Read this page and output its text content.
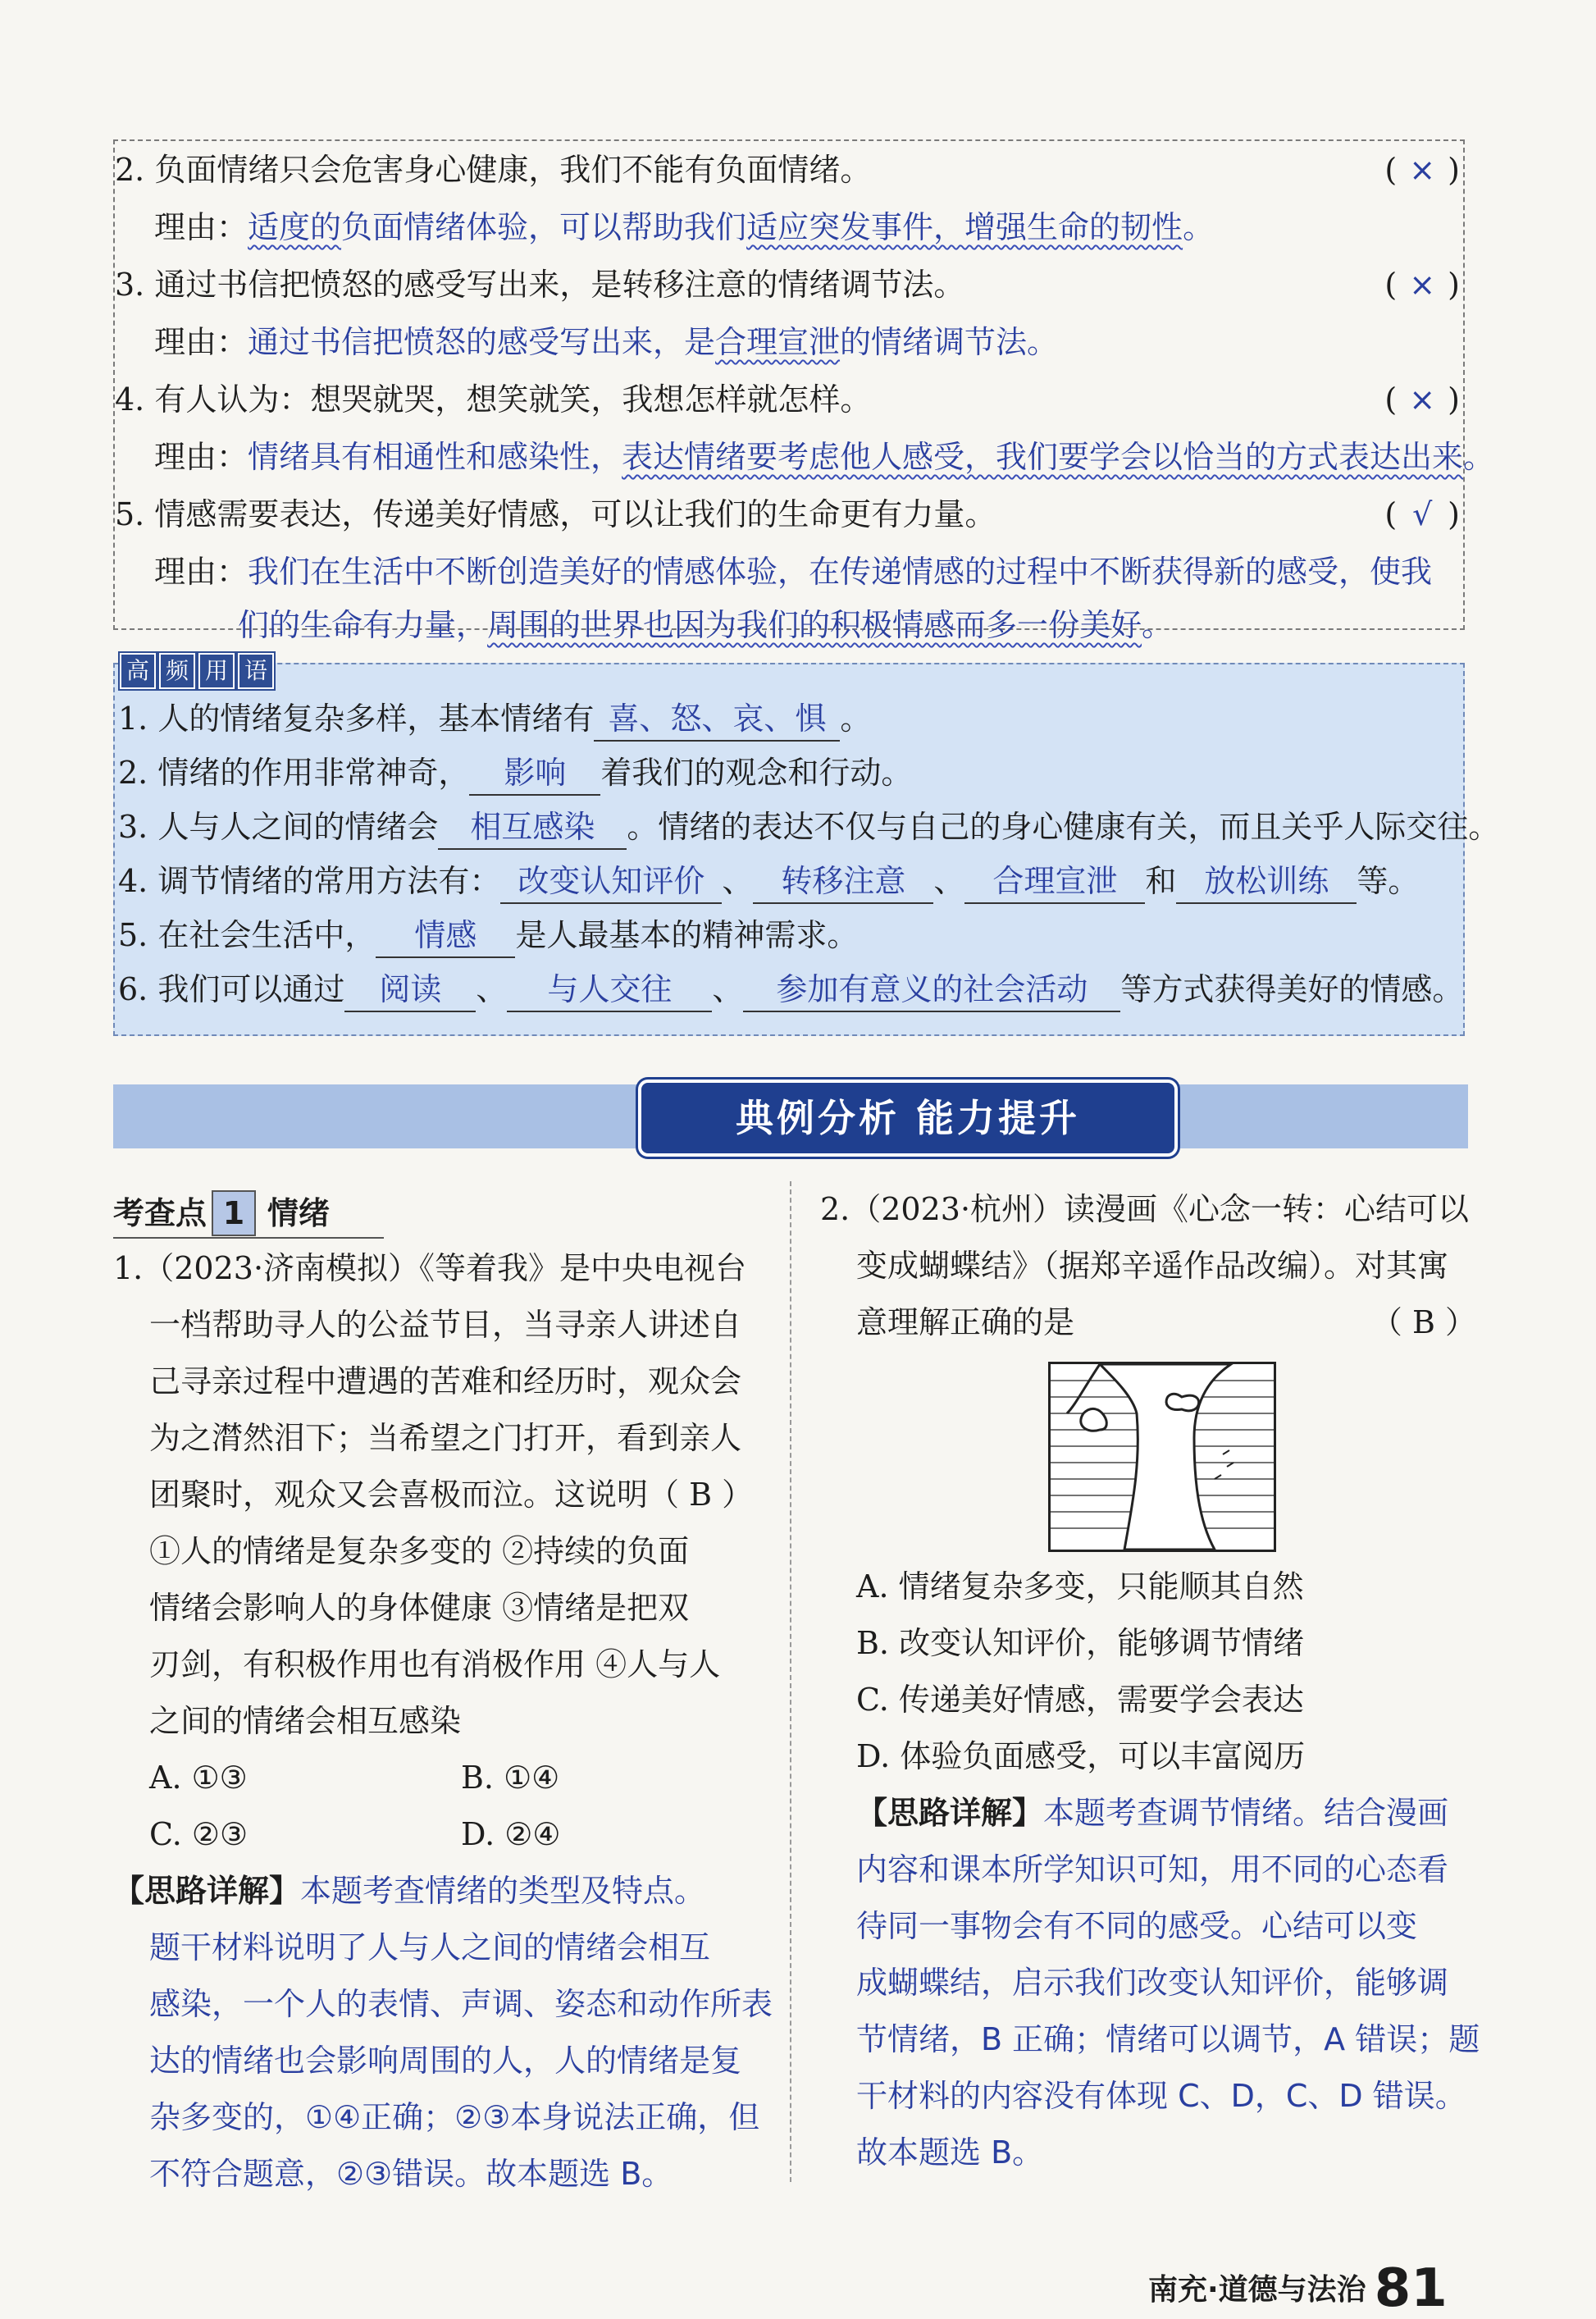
2. 负面情绪只会危害身心健康，我们不能有负面情绪。	( × )
理由：适度的负面情绪体验，可以帮助我们适应突发事件，增强生命的韧性。
3. 通过书信把愤怒的感受写出来，是转移注意的情绪调节法。	( × )
理由：通过书信把愤怒的感受写出来，是合理宣泄的情绪调节法。
4. 有人认为：想哭就哭，想笑就笑，我想怎样就怎样。	( × )
理由：情绪具有相通性和感染性，表达情绪要考虑他人感受，我们要学会以恰当的方式表达出来。
5. 情感需要表达，传递美好情感，可以让我们的生命更有力量。	( √ )
理由：我们在生活中不断创造美好的情感体验，在传递情感的过程中不断获得新的感受，使我
们的生命有力量，周围的世界也因为我们的积极情感而多一份美好。
高 频 用 语
1. 人的情绪复杂多样，基本情绪有 喜、怒、哀、惧 。
2. 情绪的作用非常神奇， 影响 着我们的观念和行动。
3. 人与人之间的情绪会 相互感染 。情绪的表达不仅与自己的身心健康有关，而且关乎人际交往。
4. 调节情绪的常用方法有： 改变认知评价 、 转移注意 、 合理宣泄 和 放松训练 等。
5. 在社会生活中， 情感 是人最基本的精神需求。
6. 我们可以通过 阅读 、 与人交往 、 参加有意义的社会活动 等方式获得美好的情感。
典例分析 能力提升
考查点 1 情绪

1.（2023·济南模拟）《等着我》是中央电视台

一档帮助寻人的公益节目，当寻亲人讲述自

己寻亲过程中遭遇的苦难和经历时，观众会

为之潸然泪下；当希望之门打开，看到亲人

团聚时，观众又会喜极而泣。这说明（ B ）

①人的情绪是复杂多变的 ②持续的负面

情绪会影响人的身体健康 ③情绪是把双

刃剑，有积极作用也有消极作用 ④人与人

之间的情绪会相互感染

A. ①③	B. ①④
C. ②③	D. ②④

【思路详解】本题考查情绪的类型及特点。

题干材料说明了人与人之间的情绪会相互

感染，一个人的表情、声调、姿态和动作所表

达的情绪也会影响周围的人，人的情绪是复

杂多变的，①④正确；②③本身说法正确，但

不符合题意，②③错误。故本题选 B。

2.（2023·杭州）读漫画《心念一转：心结可以

变成蝴蝶结》（据郑辛遥作品改编）。对其寓

意理解正确的是	（ B ）

A. 情绪复杂多变，只能顺其自然

B. 改变认知评价，能够调节情绪

C. 传递美好情感，需要学会表达

D. 体验负面感受，可以丰富阅历

【思路详解】本题考查调节情绪。结合漫画

内容和课本所学知识可知，用不同的心态看

待同一事物会有不同的感受。心结可以变

成蝴蝶结，启示我们改变认知评价，能够调

节情绪，B 正确；情绪可以调节，A 错误；题

干材料的内容没有体现 C、D，C、D 错误。

故本题选 B。

南充·道德与法治 81
